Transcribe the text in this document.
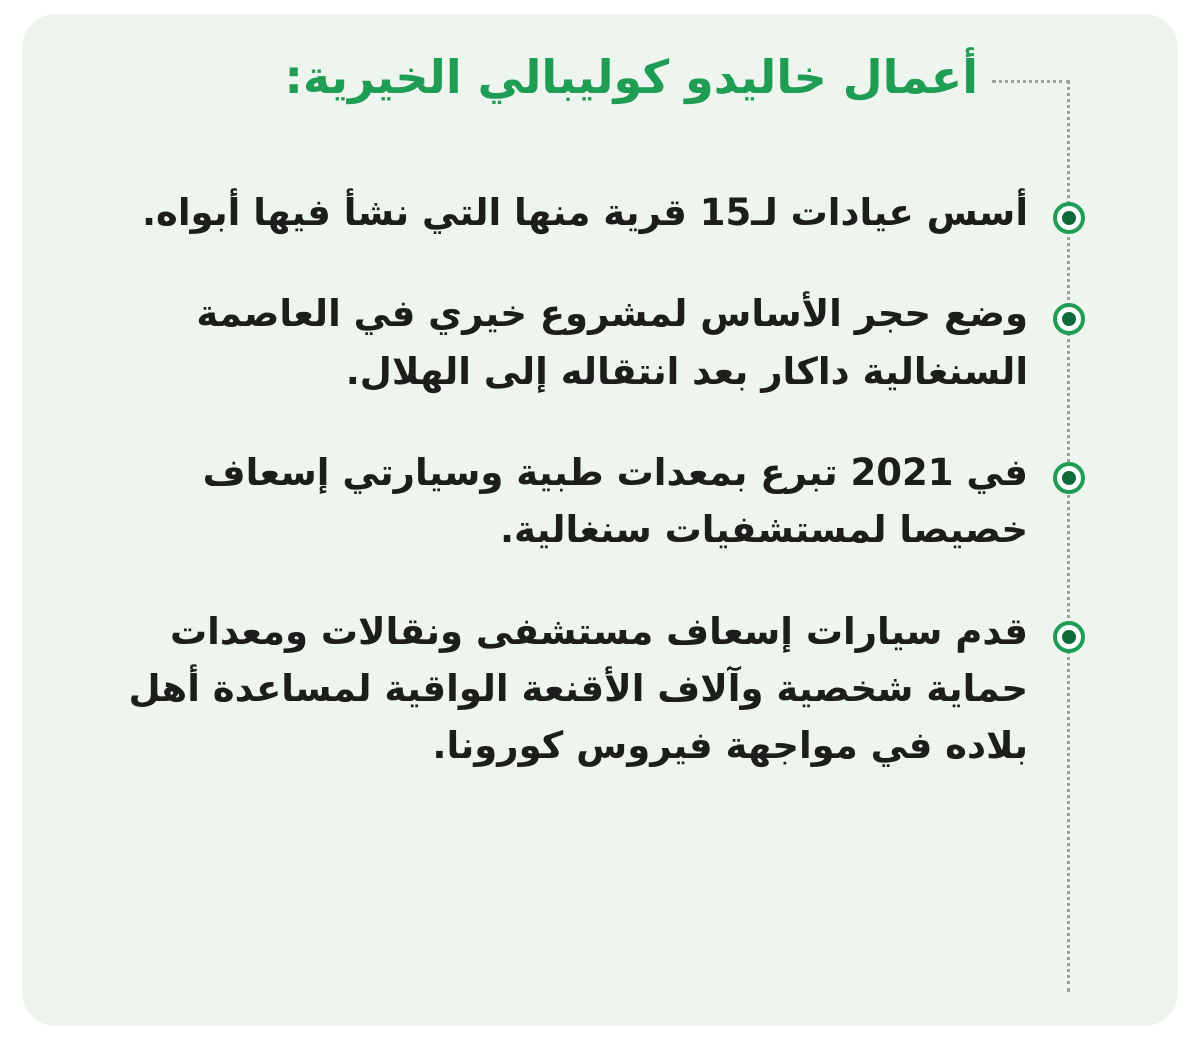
أعمال خاليدو كوليبالي الخيرية:
أسس عيادات لـ15 قرية منها التي نشأ فيها أبواه.
وضع حجر الأساس لمشروع خيري في العاصمة السنغالية داكار بعد انتقاله إلى الهلال.
في 2021 تبرع بمعدات طبية وسيارتي إسعاف خصيصا لمستشفيات سنغالية.
قدم سيارات إسعاف مستشفى ونقالات ومعدات حماية شخصية وآلاف الأقنعة الواقية لمساعدة أهل بلاده في مواجهة فيروس كورونا.
